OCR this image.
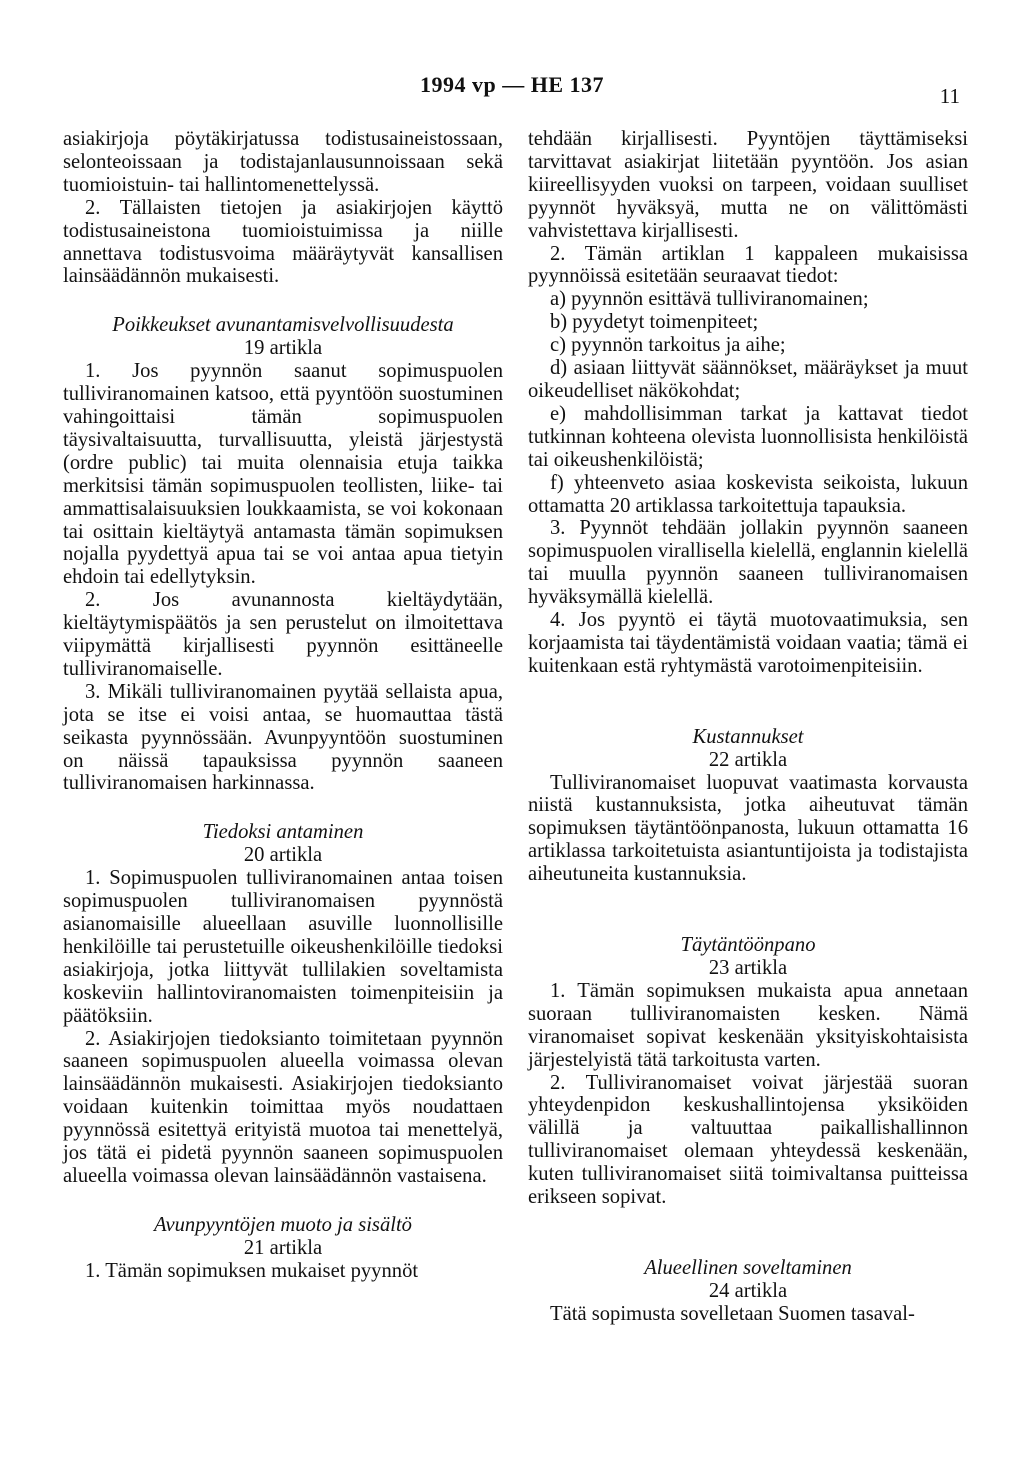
1994 vp — HE 137	11

asiakirjoja pöytäkirjatussa todistusaineistossaan, selonteoissaan ja todistajanlausunnoissaan sekä tuomioistuin- tai hallintomenettelyssä.

2. Tällaisten tietojen ja asiakirjojen käyttö todistusaineistona tuomioistuimissa ja niille annettava todistusvoima määräytyvät kansallisen lainsäädännön mukaisesti.

Poikkeukset avunantamisvelvollisuudesta

19 artikla

1. Jos pyynnön saanut sopimuspuolen tulliviranomainen katsoo, että pyyntöön suostuminen vahingoittaisi tämän sopimuspuolen täysivaltaisuutta, turvallisuutta, yleistä järjestystä (ordre public) tai muita olennaisia etuja taikka merkitsisi tämän sopimuspuolen teollisten, liike- tai ammattisalaisuuksien loukkaamista, se voi kokonaan tai osittain kieltäytyä antamasta tämän sopimuksen nojalla pyydettyä apua tai se voi antaa apua tietyin ehdoin tai edellytyksin.

2. Jos avunannosta kieltäydytään, kieltäytymispäätös ja sen perustelut on ilmoitettava viipymättä kirjallisesti pyynnön esittäneelle tulliviranomaiselle.

3. Mikäli tulliviranomainen pyytää sellaista apua, jota se itse ei voisi antaa, se huomauttaa tästä seikasta pyynnössään. Avunpyyntöön suostuminen on näissä tapauksissa pyynnön saaneen tulliviranomaisen harkinnassa.

Tiedoksi antaminen

20 artikla

1. Sopimuspuolen tulliviranomainen antaa toisen sopimuspuolen tulliviranomaisen pyynnöstä asianomaisille alueellaan asuville luonnollisille henkilöille tai perustetuille oikeushenkilöille tiedoksi asiakirjoja, jotka liittyvät tullilakien soveltamista koskeviin hallintoviranomaisten toimenpiteisiin ja päätöksiin.

2. Asiakirjojen tiedoksianto toimitetaan pyynnön saaneen sopimuspuolen alueella voimassa olevan lainsäädännön mukaisesti. Asiakirjojen tiedoksianto voidaan kuitenkin toimittaa myös noudattaen pyynnössä esitettyä erityistä muotoa tai menettelyä, jos tätä ei pidetä pyynnön saaneen sopimuspuolen alueella voimassa olevan lainsäädännön vastaisena.

Avunpyyntöjen muoto ja sisältö

21 artikla

1. Tämän sopimuksen mukaiset pyynnöt

tehdään kirjallisesti. Pyyntöjen täyttämiseksi tarvittavat asiakirjat liitetään pyyntöön. Jos asian kiireellisyyden vuoksi on tarpeen, voidaan suulliset pyynnöt hyväksyä, mutta ne on välittömästi vahvistettava kirjallisesti.

2. Tämän artiklan 1 kappaleen mukaisissa pyynnöissä esitetään seuraavat tiedot:

a) pyynnön esittävä tulliviranomainen;

b) pyydetyt toimenpiteet;

c) pyynnön tarkoitus ja aihe;

d) asiaan liittyvät säännökset, määräykset ja muut oikeudelliset näkökohdat;

e) mahdollisimman tarkat ja kattavat tiedot tutkinnan kohteena olevista luonnollisista henkilöistä tai oikeushenkilöistä;

f) yhteenveto asiaa koskevista seikoista, lukuun ottamatta 20 artiklassa tarkoitettuja tapauksia.

3. Pyynnöt tehdään jollakin pyynnön saaneen sopimuspuolen virallisella kielellä, englannin kielellä tai muulla pyynnön saaneen tulliviranomaisen hyväksymällä kielellä.

4. Jos pyyntö ei täytä muotovaatimuksia, sen korjaamista tai täydentämistä voidaan vaatia; tämä ei kuitenkaan estä ryhtymästä varotoimenpiteisiin.

Kustannukset

22 artikla

Tulliviranomaiset luopuvat vaatimasta korvausta niistä kustannuksista, jotka aiheutuvat tämän sopimuksen täytäntöönpanosta, lukuun ottamatta 16 artiklassa tarkoitetuista asiantuntijoista ja todistajista aiheutuneita kustannuksia.

Täytäntöönpano

23 artikla

1. Tämän sopimuksen mukaista apua annetaan suoraan tulliviranomaisten kesken. Nämä viranomaiset sopivat keskenään yksityiskohtaisista järjestelyistä tätä tarkoitusta varten.

2. Tulliviranomaiset voivat järjestää suoran yhteydenpidon keskushallintojensa yksiköiden välillä ja valtuuttaa paikallishallinnon tulliviranomaiset olemaan yhteydessä keskenään, kuten tulliviranomaiset siitä toimivaltansa puitteissa erikseen sopivat.

Alueellinen soveltaminen

24 artikla

Tätä sopimusta sovelletaan Suomen tasaval-
